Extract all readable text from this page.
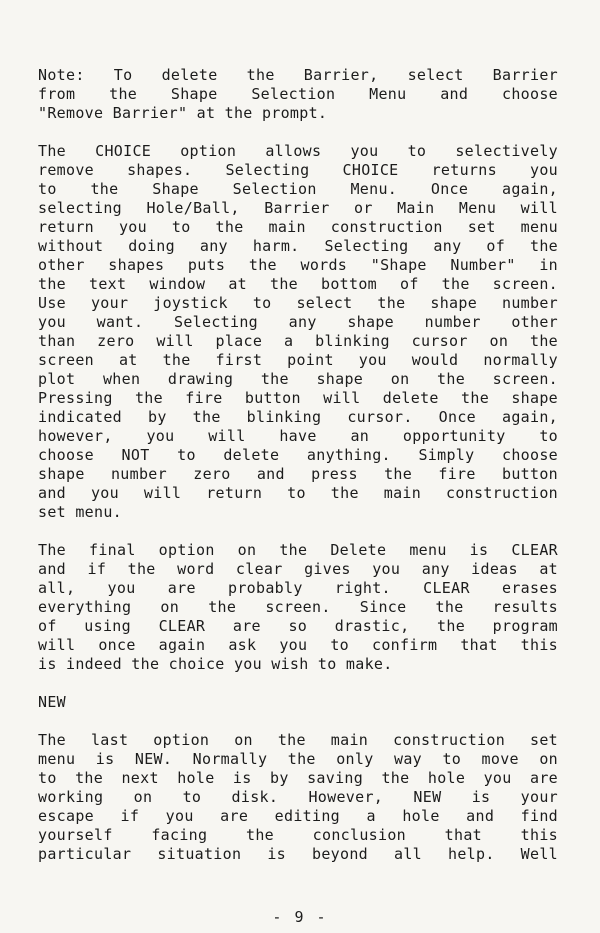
Note: To delete the Barrier, select Barrier
from the Shape Selection Menu and choose
"Remove Barrier" at the prompt.
The CHOICE option allows you to selectively
remove shapes. Selecting CHOICE returns you
to the Shape Selection Menu. Once again,
selecting Hole/Ball, Barrier or Main Menu will
return you to the main construction set menu
without doing any harm. Selecting any of the
other shapes puts the words "Shape Number" in
the text window at the bottom of the screen.
Use your joystick to select the shape number
you want. Selecting any shape number other
than zero will place a blinking cursor on the
screen at the first point you would normally
plot when drawing the shape on the screen.
Pressing the fire button will delete the shape
indicated by the blinking cursor. Once again,
however, you will have an opportunity to
choose NOT to delete anything. Simply choose
shape number zero and press the fire button
and you will return to the main construction
set menu.
The final option on the Delete menu is CLEAR
and if the word clear gives you any ideas at
all, you are probably right. CLEAR erases
everything on the screen. Since the results
of using CLEAR are so drastic, the program
will once again ask you to confirm that this
is indeed the choice you wish to make.
NEW
The last option on the main construction set
menu is NEW. Normally the only way to move on
to the next hole is by saving the hole you are
working on to disk. However, NEW is your
escape if you are editing a hole and find
yourself facing the conclusion that this
particular situation is beyond all help. Well
- 9 -
